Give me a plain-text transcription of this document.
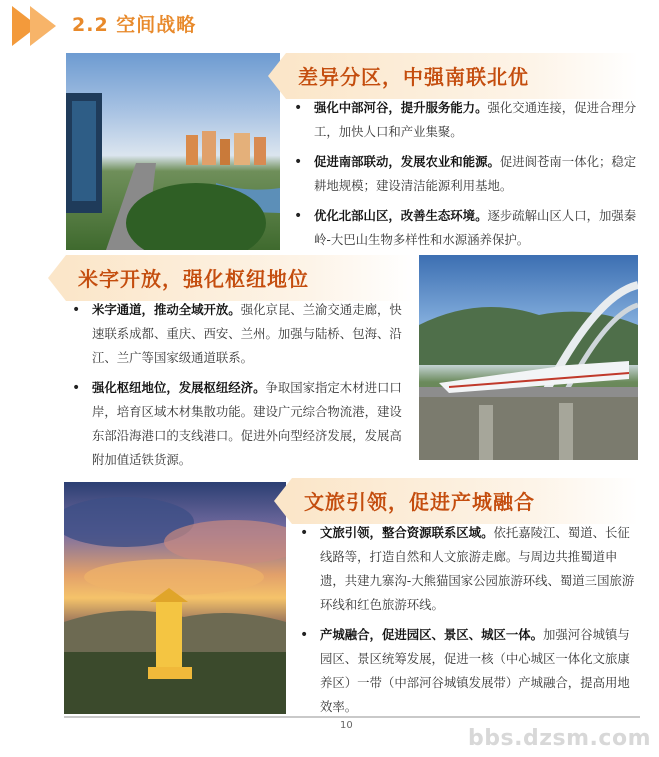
2.2 空间战略
差异分区，中强南联北优
• 强化中部河谷，提升服务能力。强化交通连接，促进合理分工，加快人口和产业集聚。
• 促进南部联动，发展农业和能源。促进阆苍南一体化；稳定耕地规模；建设清洁能源利用基地。
• 优化北部山区，改善生态环境。逐步疏解山区人口，加强秦岭-大巴山生物多样性和水源涵养保护。
米字开放，强化枢纽地位
• 米字通道，推动全域开放。强化京昆、兰渝交通走廊，快速联系成都、重庆、西安、兰州。加强与陆桥、包海、沿江、兰广等国家级通道联系。
• 强化枢纽地位，发展枢纽经济。争取国家指定木材进口口岸，培育区域木材集散功能。建设广元综合物流港，建设东部沿海港口的支线港口。促进外向型经济发展，发展高附加值适铁货源。
文旅引领，促进产城融合
• 文旅引领，整合资源联系区域。依托嘉陵江、蜀道、长征线路等，打造自然和人文旅游走廊。与周边共推蜀道申遗，共建九寨沟-大熊猫国家公园旅游环线、蜀道三国旅游环线和红色旅游环线。
• 产城融合，促进园区、景区、城区一体。加强河谷城镇与园区、景区统筹发展，促进一核（中心城区一体化文旅康养区）一带（中部河谷城镇发展带）产城融合，提高用地效率。
10
bbs.dzsm.com
